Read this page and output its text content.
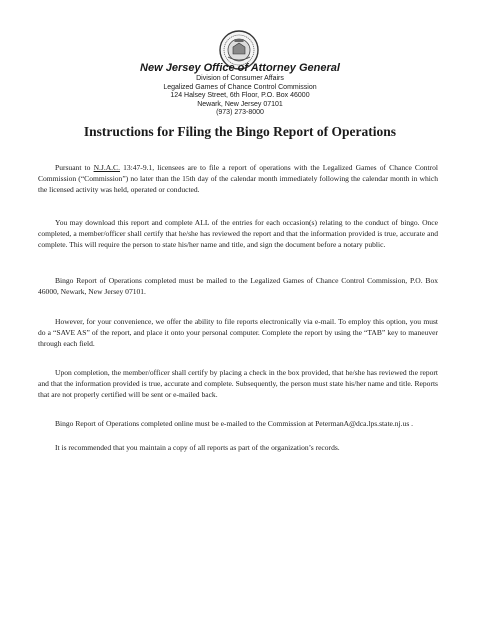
New Jersey Office of Attorney General
Division of Consumer Affairs
Legalized Games of Chance Control Commission
124 Halsey Street, 6th Floor, P.O. Box 46000
Newark, New Jersey 07101
(973) 273-8000
Instructions for Filing the Bingo Report of Operations

Pursuant to N.J.A.C. 13:47-9.1, licensees are to file a report of operations with the Legalized Games of Chance Control Commission (“Commission”) no later than the 15th day of the calendar month immediately following the calendar month in which the licensed activity was held, operated or conducted.

You may download this report and complete ALL of the entries for each occasion(s) relating to the conduct of bingo. Once completed, a member/officer shall certify that he/she has reviewed the report and that the information provided is true, accurate and complete. This will require the person to state his/her name and title, and sign the document before a notary public.

Bingo Report of Operations completed must be mailed to the Legalized Games of Chance Control Commission, P.O. Box 46000, Newark, New Jersey 07101.

However, for your convenience, we offer the ability to file reports electronically via e-mail. To employ this option, you must do a “SAVE AS” of the report, and place it onto your personal computer. Complete the report by using the “TAB” key to maneuver through each field.

Upon completion, the member/officer shall certify by placing a check in the box provided, that he/she has reviewed the report and that the information provided is true, accurate and complete. Subsequently, the person must state his/her name and title. Reports that are not properly certified will be sent or e-mailed back.

Bingo Report of Operations completed online must be e-mailed to the Commission at PetermanA@dca.lps.state.nj.us .

It is recommended that you maintain a copy of all reports as part of the organization’s records.
